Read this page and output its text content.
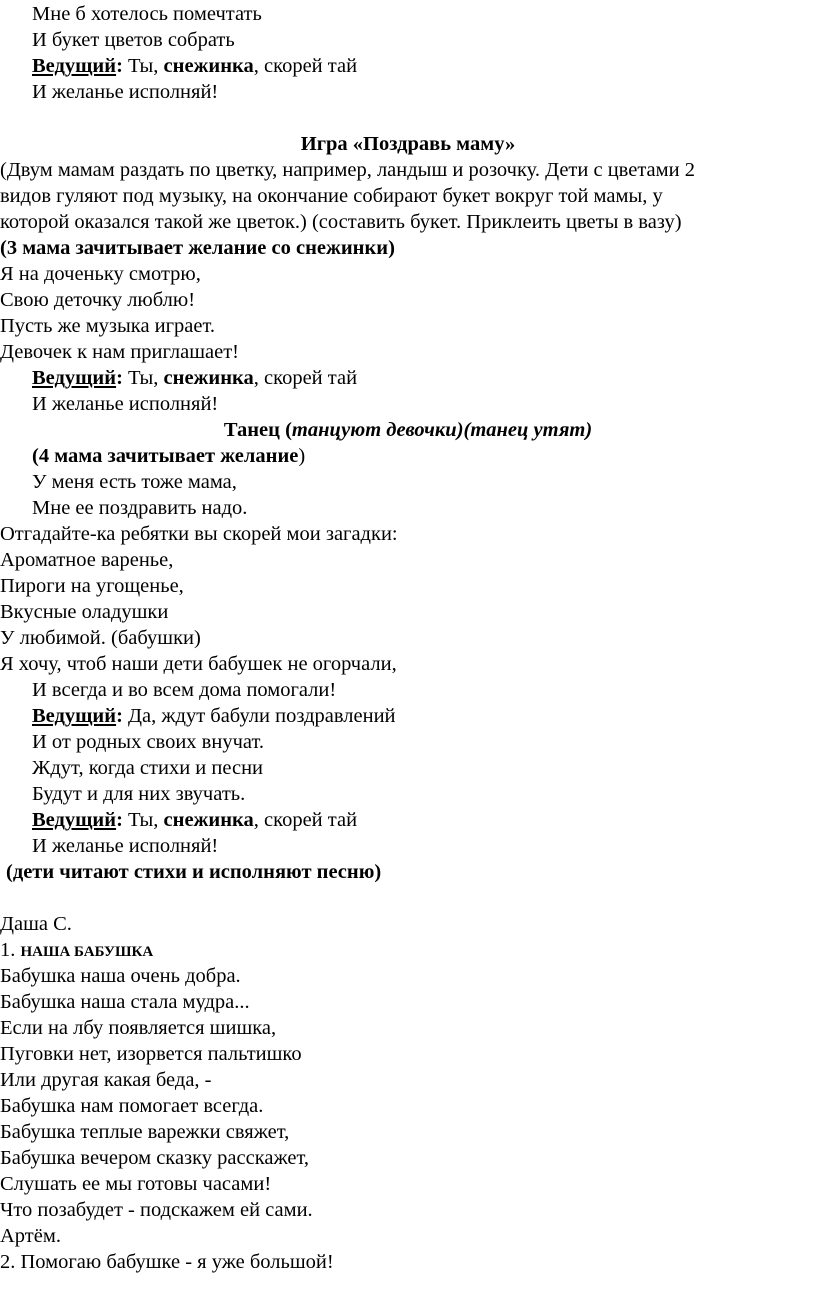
Мне б хотелось помечтать
И букет цветов собрать
Ведущий: Ты, снежинка, скорей тай
И желанье исполняй!
Игра «Поздравь маму»
(Двум мамам раздать по цветку, например, ландыш и розочку. Дети с цветами 2
видов гуляют под музыку, на окончание собирают букет вокруг той мамы, у
которой оказался такой же цветок.) (составить букет. Приклеить цветы в вазу)
(3 мама зачитывает желание со снежинки)
Я на доченьку смотрю,
Свою деточку люблю!
Пусть же музыка играет.
Девочек к нам приглашает!
Ведущий: Ты, снежинка, скорей тай
И желанье исполняй!
Танец (танцуют девочки)(танец утят)
(4 мама зачитывает желание)
У меня есть тоже мама,
Мне ее поздравить надо.
Отгадайте-ка ребятки вы скорей мои загадки:
Ароматное варенье,
Пироги на угощенье,
Вкусные оладушки
У любимой. (бабушки)
Я хочу, чтоб наши дети бабушек не огорчали,
И всегда и во всем дома помогали!
Ведущий: Да, ждут бабули поздравлений
И от родных своих внучат.
Ждут, когда стихи и песни
Будут и для них звучать.
Ведущий: Ты, снежинка, скорей тай
И желанье исполняй!
(дети читают стихи и исполняют песню)
Даша С.
1. НАША БАБУШКА
Бабушка наша очень добра.
Бабушка наша стала мудра...
Если на лбу появляется шишка,
Пуговки нет, изорвется пальтишко
Или другая какая беда, -
Бабушка нам помогает всегда.
Бабушка теплые варежки свяжет,
Бабушка вечером сказку расскажет,
Слушать ее мы готовы часами!
Что позабудет - подскажем ей сами.
Артём.
2. Помогаю бабушке - я уже большой!
